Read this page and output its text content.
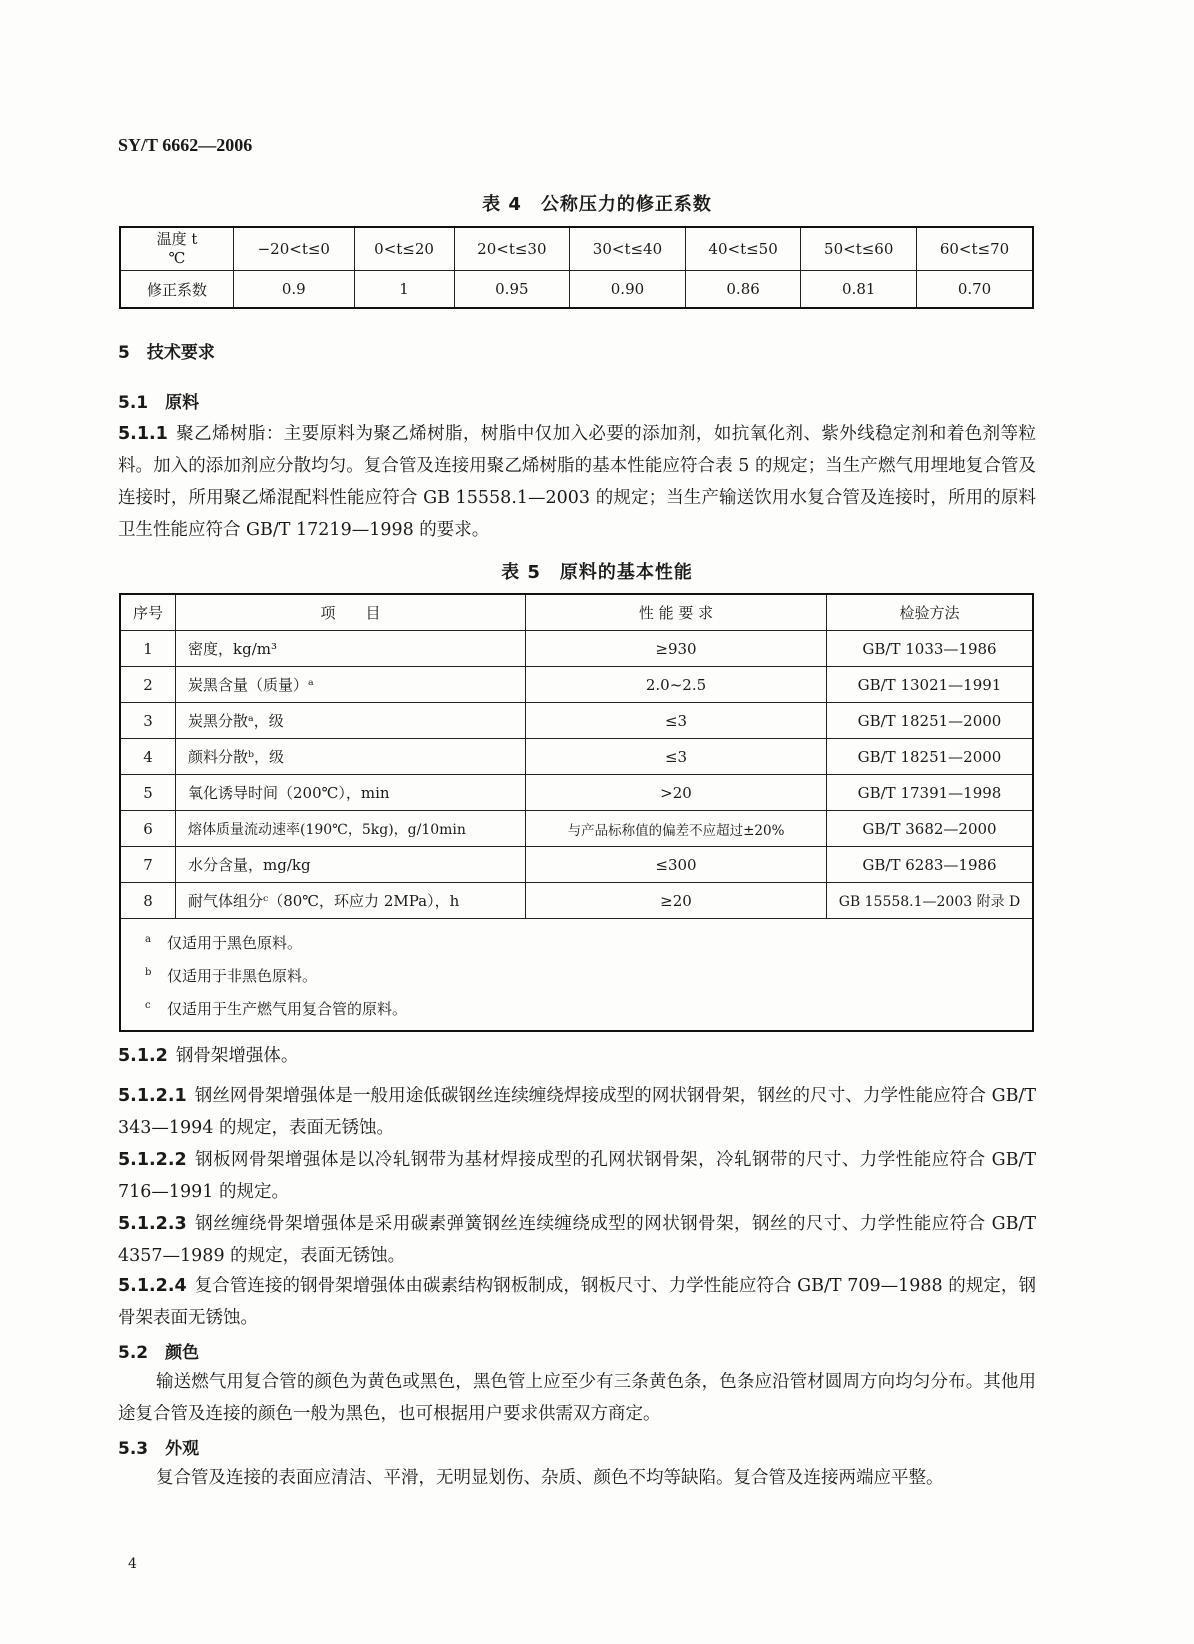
SY/T 6662—2006
表 4　公称压力的修正系数
温度 t
℃	−20<t≤0	0<t≤20	20<t≤30	30<t≤40	40<t≤50	50<t≤60	60<t≤70
修正系数	0.9	1	0.95	0.90	0.86	0.81	0.70
5　技术要求
5.1　原料
5.1.1 聚乙烯树脂：主要原料为聚乙烯树脂，树脂中仅加入必要的添加剂，如抗氧化剂、紫外线稳定剂和着色剂等粒料。加入的添加剂应分散均匀。复合管及连接用聚乙烯树脂的基本性能应符合表 5 的规定；当生产燃气用埋地复合管及连接时，所用聚乙烯混配料性能应符合 GB 15558.1—2003 的规定；当生产输送饮用水复合管及连接时，所用的原料卫生性能应符合 GB/T 17219—1998 的要求。
表 5　原料的基本性能
序号	项　　目	性 能 要 求	检验方法
1	密度，kg/m³	≥930	GB/T 1033—1986
2	炭黑含量（质量）ᵃ	2.0~2.5	GB/T 13021—1991
3	炭黑分散ᵃ，级	≤3	GB/T 18251—2000
4	颜料分散ᵇ，级	≤3	GB/T 18251—2000
5	氧化诱导时间（200℃），min	>20	GB/T 17391—1998
6	熔体质量流动速率(190℃，5kg)，g/10min	与产品标称值的偏差不应超过±20%	GB/T 3682—2000
7	水分含量，mg/kg	≤300	GB/T 6283—1986
8	耐气体组分ᶜ（80℃，环应力 2MPa），h	≥20	GB 15558.1—2003 附录 D

a 仅适用于黑色原料。
b 仅适用于非黑色原料。
c 仅适用于生产燃气用复合管的原料。			
5.1.2 钢骨架增强体。
5.1.2.1 钢丝网骨架增强体是一般用途低碳钢丝连续缠绕焊接成型的网状钢骨架，钢丝的尺寸、力学性能应符合 GB/T 343—1994 的规定，表面无锈蚀。
5.1.2.2 钢板网骨架增强体是以冷轧钢带为基材焊接成型的孔网状钢骨架，冷轧钢带的尺寸、力学性能应符合 GB/T 716—1991 的规定。
5.1.2.3 钢丝缠绕骨架增强体是采用碳素弹簧钢丝连续缠绕成型的网状钢骨架，钢丝的尺寸、力学性能应符合 GB/T 4357—1989 的规定，表面无锈蚀。
5.1.2.4 复合管连接的钢骨架增强体由碳素结构钢板制成，钢板尺寸、力学性能应符合 GB/T 709—1988 的规定，钢骨架表面无锈蚀。
5.2　颜色
输送燃气用复合管的颜色为黄色或黑色，黑色管上应至少有三条黄色条，色条应沿管材圆周方向均匀分布。其他用途复合管及连接的颜色一般为黑色，也可根据用户要求供需双方商定。
5.3　外观
复合管及连接的表面应清洁、平滑，无明显划伤、杂质、颜色不均等缺陷。复合管及连接两端应平整。
4
